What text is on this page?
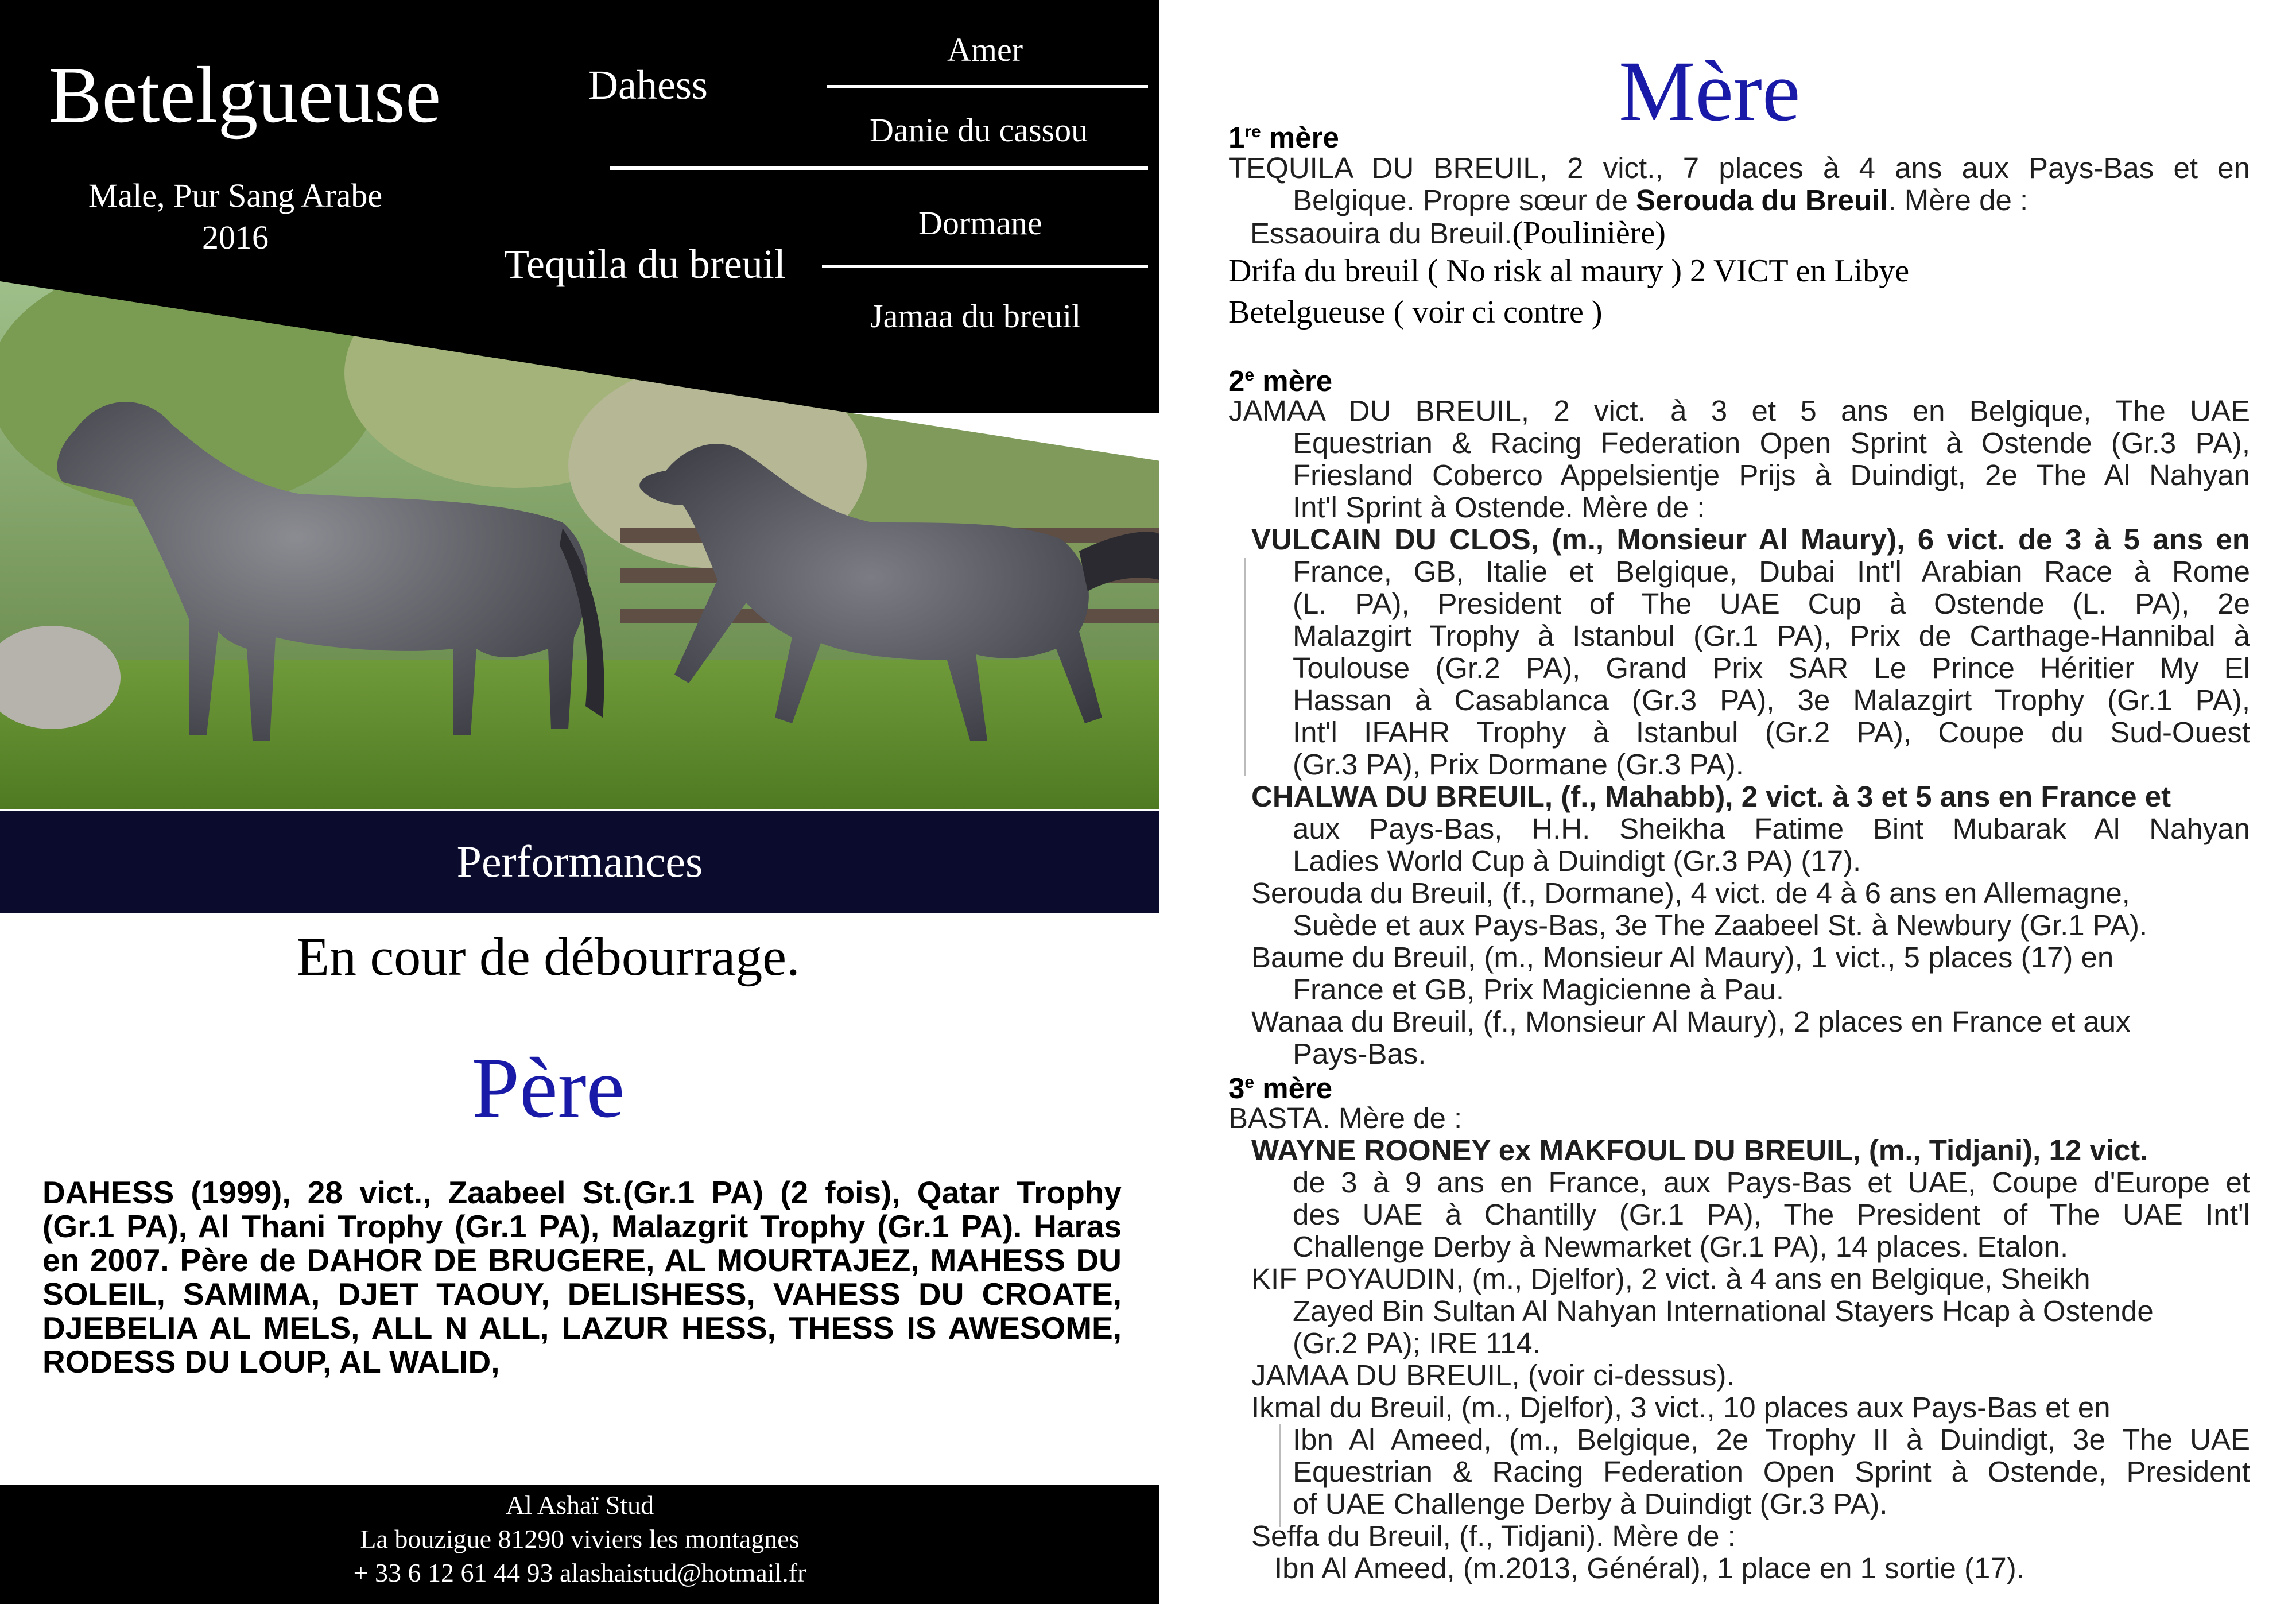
Betelgueuse
Male, Pur Sang Arabe
2016
Dahess
Tequila du breuil
Amer
Danie du cassou
Dormane
Jamaa du breuil
Performances
En cour de débourrage.
Père
DAHESS (1999), 28 vict., Zaabeel St.(Gr.1 PA) (2 fois), Qatar Trophy (Gr.1 PA), Al Thani Trophy (Gr.1 PA), Malazgrit Trophy (Gr.1 PA). Haras en 2007. Père de DAHOR DE BRUGERE, AL MOURTAJEZ, MAHESS DU SOLEIL, SAMIMA, DJET TAOUY, DELISHESS, VAHESS DU CROATE, DJEBELIA AL MELS, ALL N ALL, LAZUR HESS, THESS IS AWESOME, RODESS DU LOUP, AL WALID,
Al Ashaï Stud
La bouzigue 81290 viviers les montagnes
+ 33 6 12 61 44 93 alashaistud@hotmail.fr
Mère
1re mère
TEQUILA DU BREUIL, 2 vict., 7 places à 4 ans aux Pays-Bas et en
Belgique. Propre sœur de Serouda du Breuil. Mère de :
Essaouira du Breuil.(Poulinière)
Drifa du breuil ( No risk al maury ) 2 VICT en Libye
Betelgueuse ( voir ci contre )
2e mère
JAMAA DU BREUIL, 2 vict. à 3 et 5 ans en Belgique, The UAE
Equestrian & Racing Federation Open Sprint à Ostende (Gr.3 PA),
Friesland Coberco Appelsientje Prijs à Duindigt, 2e The Al Nahyan
Int'l Sprint à Ostende. Mère de :
VULCAIN DU CLOS, (m., Monsieur Al Maury), 6 vict. de 3 à 5 ans en
France, GB, Italie et Belgique, Dubai Int'l Arabian Race à Rome
(L. PA), President of The UAE Cup à Ostende (L. PA), 2e
Malazgirt Trophy à Istanbul (Gr.1 PA), Prix de Carthage-Hannibal à
Toulouse (Gr.2 PA), Grand Prix SAR Le Prince Héritier My El
Hassan à Casablanca (Gr.3 PA), 3e Malazgirt Trophy (Gr.1 PA),
Int'l IFAHR Trophy à Istanbul (Gr.2 PA), Coupe du Sud-Ouest
(Gr.3 PA), Prix Dormane (Gr.3 PA).
CHALWA DU BREUIL, (f., Mahabb), 2 vict. à 3 et 5 ans en France et
aux Pays-Bas, H.H. Sheikha Fatime Bint Mubarak Al Nahyan
Ladies World Cup à Duindigt (Gr.3 PA) (17).
Serouda du Breuil, (f., Dormane), 4 vict. de 4 à 6 ans en Allemagne,
Suède et aux Pays-Bas, 3e The Zaabeel St. à Newbury (Gr.1 PA).
Baume du Breuil, (m., Monsieur Al Maury), 1 vict., 5 places (17) en
France et GB, Prix Magicienne à Pau.
Wanaa du Breuil, (f., Monsieur Al Maury), 2 places en France et aux
Pays-Bas.
3e mère
BASTA. Mère de :
WAYNE ROONEY ex MAKFOUL DU BREUIL, (m., Tidjani), 12 vict.
de 3 à 9 ans en France, aux Pays-Bas et UAE, Coupe d'Europe et
des UAE à Chantilly (Gr.1 PA), The President of The UAE Int'l
Challenge Derby à Newmarket (Gr.1 PA), 14 places. Etalon.
KIF POYAUDIN, (m., Djelfor), 2 vict. à 4 ans en Belgique, Sheikh
Zayed Bin Sultan Al Nahyan International Stayers Hcap à Ostende
(Gr.2 PA); IRE 114.
JAMAA DU BREUIL, (voir ci-dessus).
Ikmal du Breuil, (m., Djelfor), 3 vict., 10 places aux Pays-Bas et en
Ibn Al Ameed, (m., Belgique, 2e Trophy II à Duindigt, 3e The UAE
Equestrian & Racing Federation Open Sprint à Ostende, President
of UAE Challenge Derby à Duindigt (Gr.3 PA).
Seffa du Breuil, (f., Tidjani). Mère de :
Ibn Al Ameed, (m.2013, Général), 1 place en 1 sortie (17).
